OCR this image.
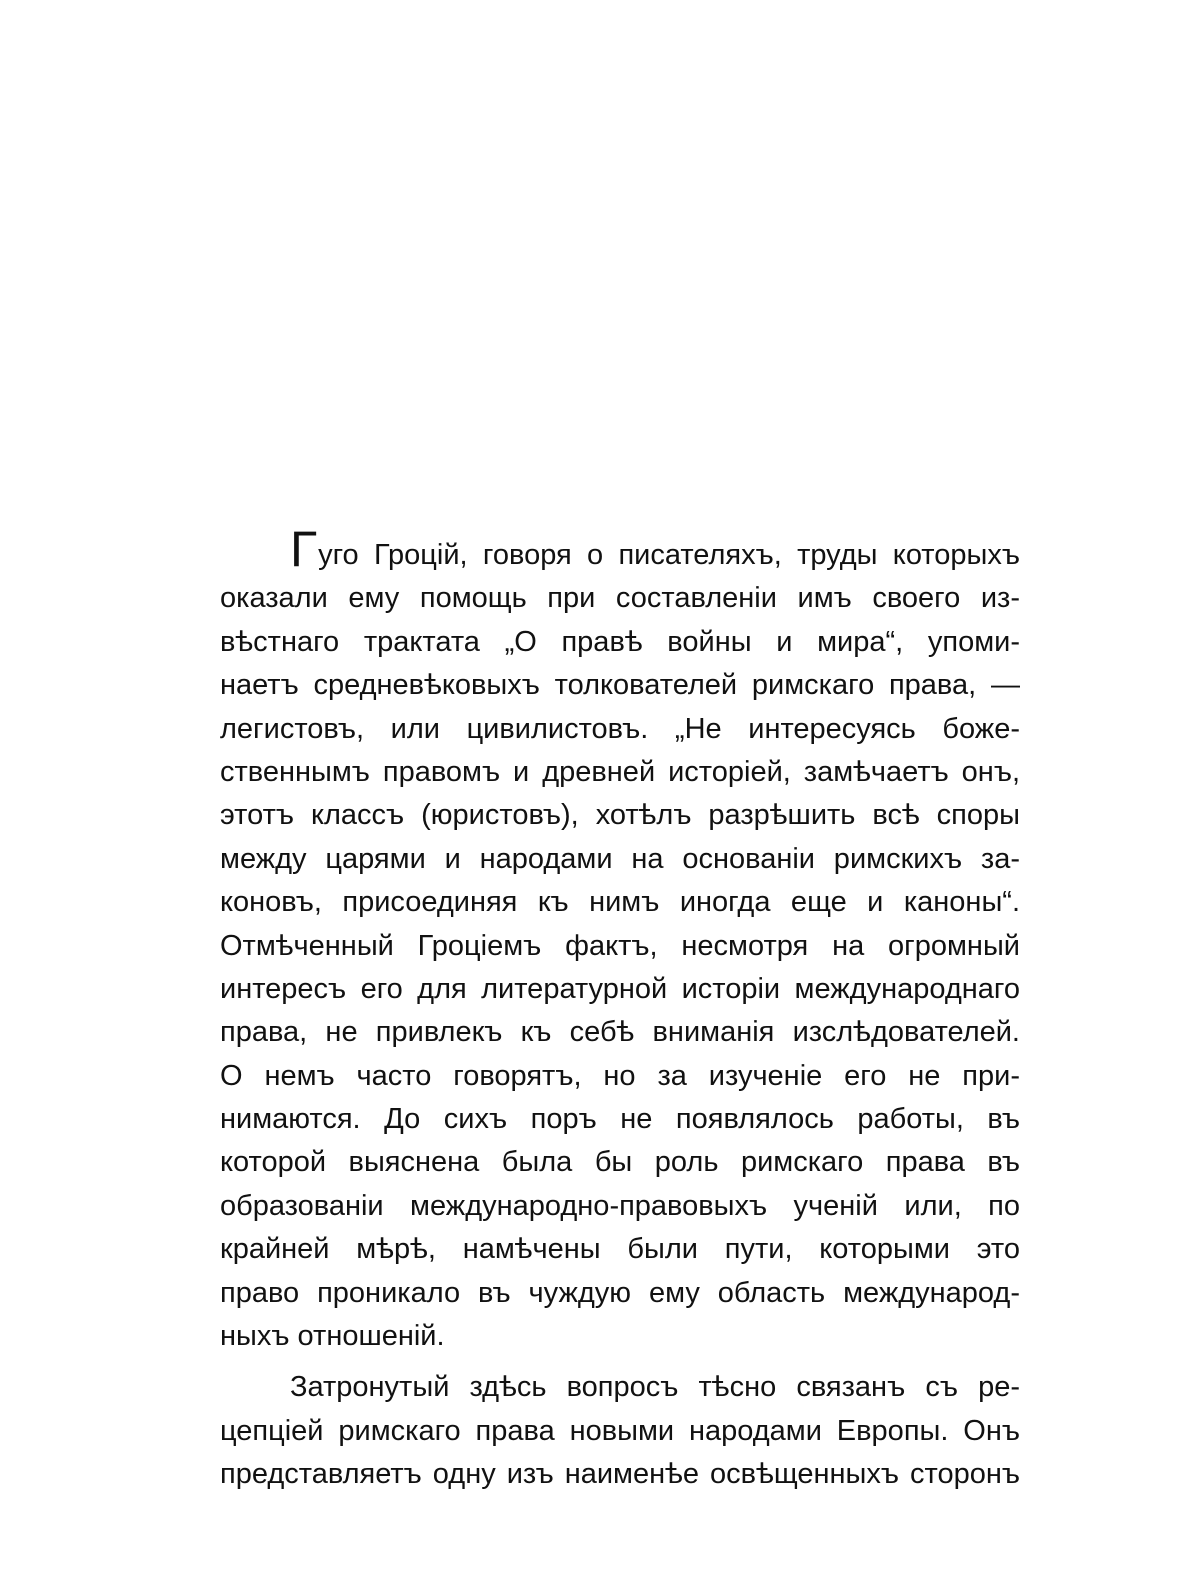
Гуго Гроцій, говоря о писателяхъ, труды которыхъ
оказали ему помощь при составленіи имъ своего из-
вѣстнаго трактата „О правѣ войны и мира“, упоми-
наетъ средневѣковыхъ толкователей римскаго права, —
легистовъ, или цивилистовъ. „Не интересуясь боже-
ственнымъ правомъ и древней исторіей, замѣчаетъ онъ,
этотъ классъ (юристовъ), хотѣлъ разрѣшить всѣ споры
между царями и народами на основаніи римскихъ за-
коновъ, присоединяя къ нимъ иногда еще и каноны“.
Отмѣченный Гроціемъ фактъ, несмотря на огромный
интересъ его для литературной исторіи международнаго
права, не привлекъ къ себѣ вниманія изслѣдователей.
О немъ часто говорятъ, но за изученіе его не при-
нимаются. До сихъ поръ не появлялось работы, въ
которой выяснена была бы роль римскаго права въ
образованіи международно-правовыхъ ученій или, по
крайней мѣрѣ, намѣчены были пути, которыми это
право проникало въ чуждую ему область международ-
ныхъ отношеній.
Затронутый здѣсь вопросъ тѣсно связанъ съ ре-
цепціей римскаго права новыми народами Европы. Онъ
представляетъ одну изъ наименѣе освѣщенныхъ сторонъ
